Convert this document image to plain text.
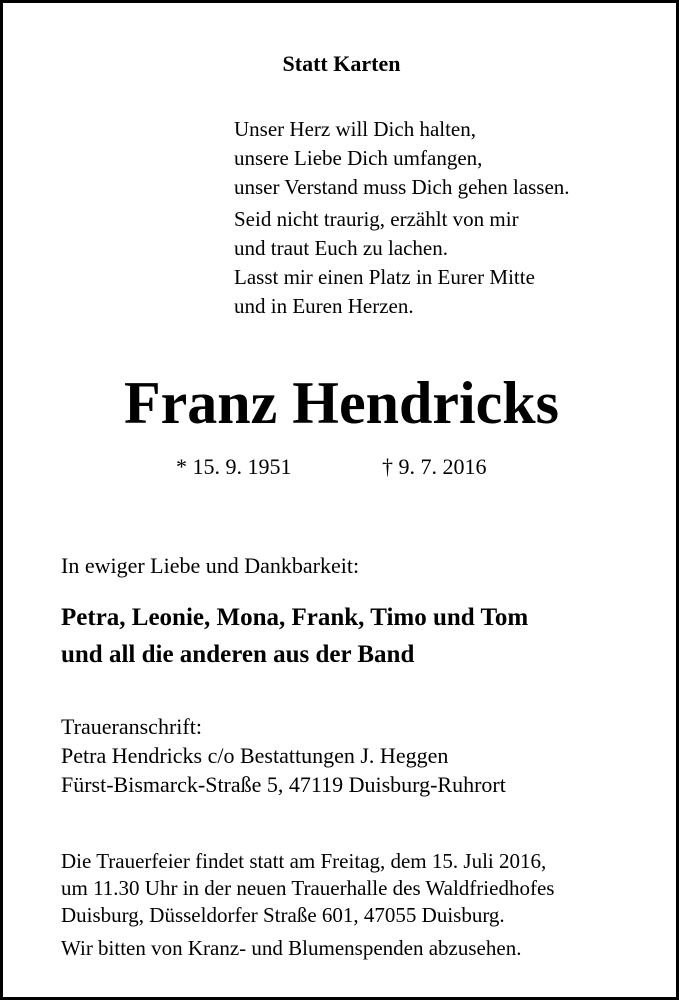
Statt Karten

Unser Herz will Dich halten,

unsere Liebe Dich umfangen,

unser Verstand muss Dich gehen lassen.

Seid nicht traurig, erzählt von mir

und traut Euch zu lachen.

Lasst mir einen Platz in Eurer Mitte

und in Euren Herzen.

Franz Hendricks
* 15. 9. 1951	† 9. 7. 2016

In ewiger Liebe und Dankbarkeit:

Petra, Leonie, Mona, Frank, Timo und Tom

und all die anderen aus der Band

Traueranschrift:

Petra Hendricks c/o Bestattungen J. Heggen

Fürst-Bismarck-Straße 5, 47119 Duisburg-Ruhrort

Die Trauerfeier findet statt am Freitag, dem 15. Juli 2016,

um 11.30 Uhr in der neuen Trauerhalle des Waldfriedhofes

Duisburg, Düsseldorfer Straße 601, 47055 Duisburg.

Wir bitten von Kranz- und Blumenspenden abzusehen.
